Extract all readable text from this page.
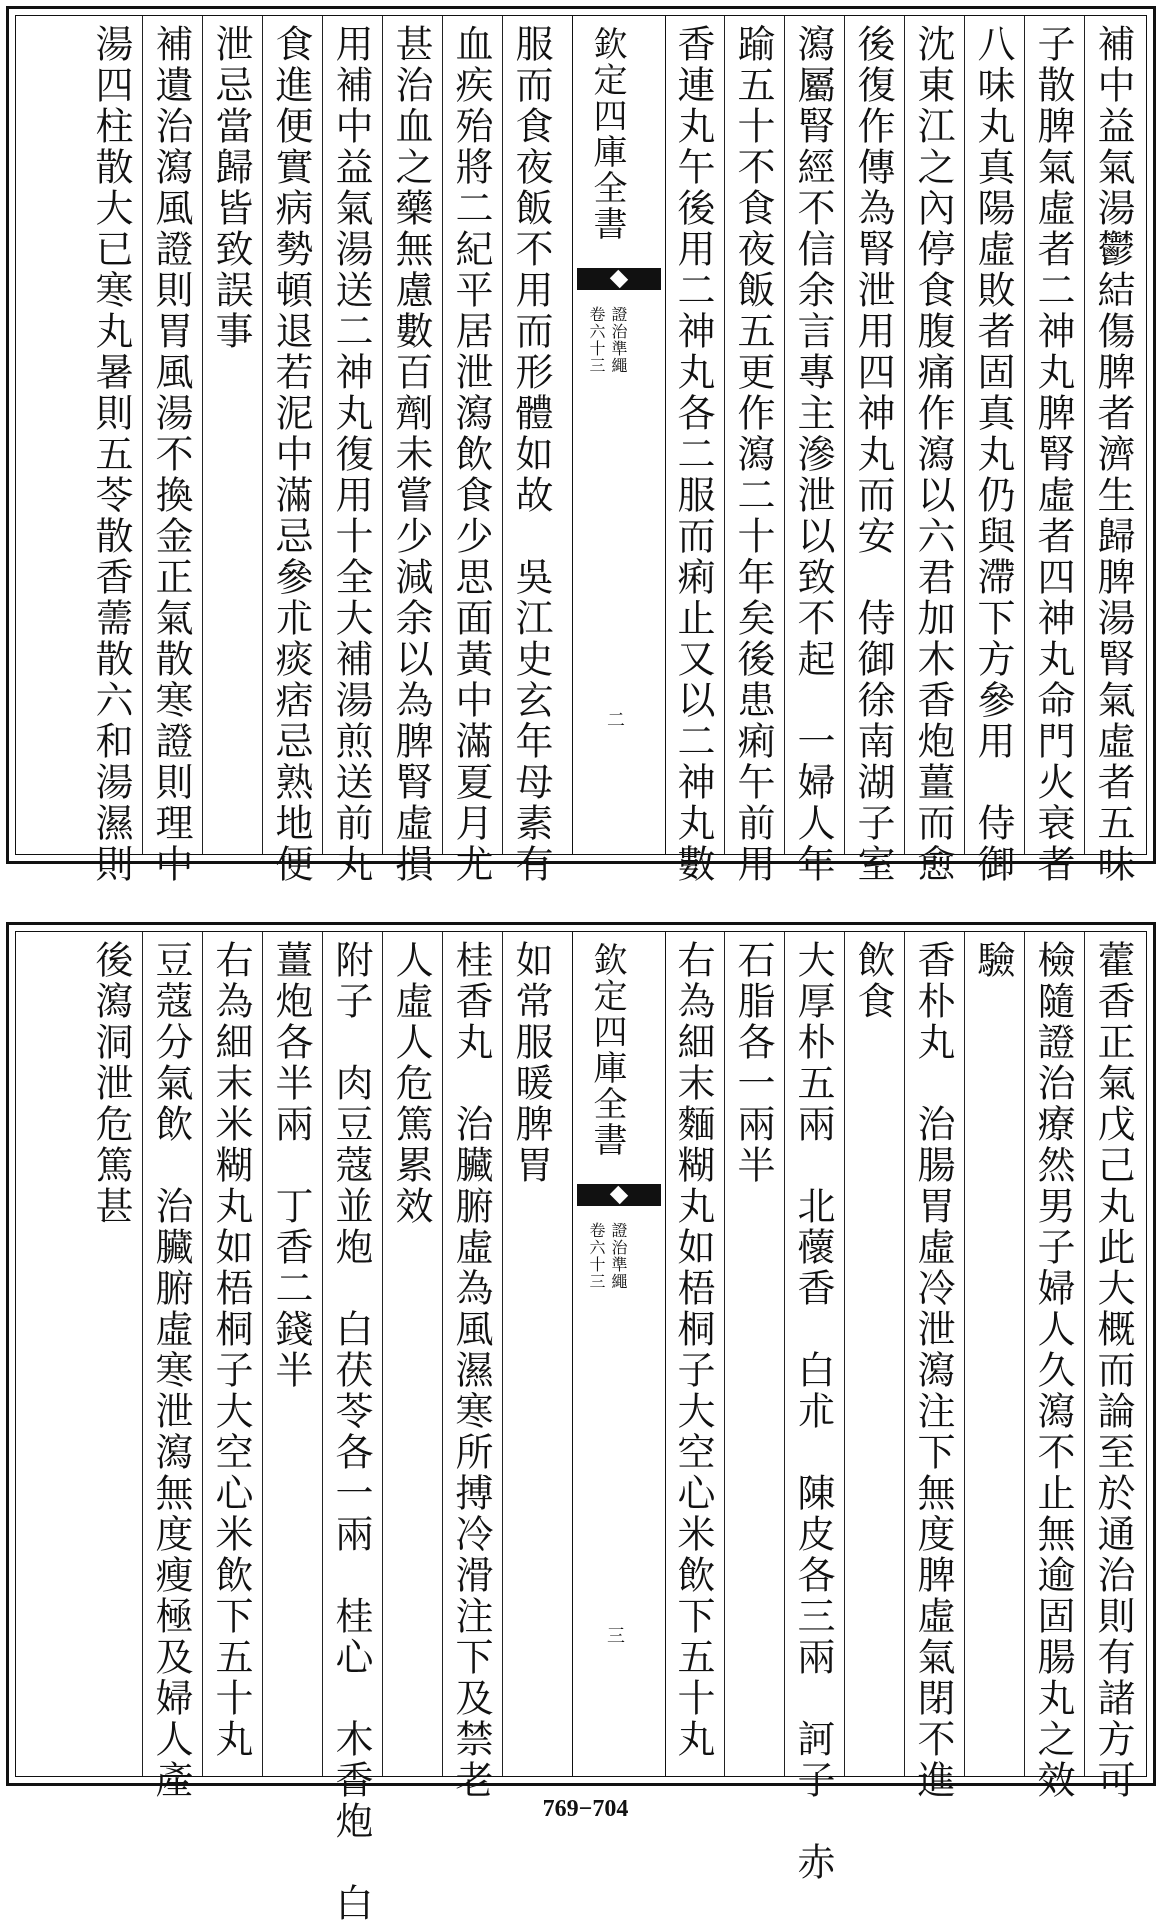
補中益氣湯鬱結傷脾者濟生歸脾湯腎氣虛者五味
子散脾氣虛者二神丸脾腎虛者四神丸命門火衰者
八味丸真陽虛敗者固真丸仍與滯下方參用　侍御
沈東江之內停食腹痛作瀉以六君加木香炮薑而愈
後復作傳為腎泄用四神丸而安　侍御徐南湖子室
瀉屬腎經不信余言專主滲泄以致不起　一婦人年
踰五十不食夜飯五更作瀉二十年矣後患痢午前用
香連丸午後用二神丸各二服而痢止又以二神丸數
欽定四庫全書
證治準繩
卷六十三
二
服而食夜飯不用而形體如故　吳江史玄年母素有
血疾殆將二紀平居泄瀉飲食少思面黃中滿夏月尤
甚治血之藥無慮數百劑未嘗少減余以為脾腎虛損
用補中益氣湯送二神丸復用十全大補湯煎送前丸
食進便實病勢頓退若泥中滿忌參朮痰痞忌熟地便
泄忌當歸皆致誤事
補遺治瀉風證則胃風湯不換金正氣散寒證則理中
湯四柱散大已寒丸暑則五苓散香薷散六和湯濕則
藿香正氣戊己丸此大概而論至於通治則有諸方可
檢隨證治療然男子婦人久瀉不止無逾固腸丸之效
驗
香朴丸　治腸胃虛冷泄瀉注下無度脾虛氣閉不進
飲食
大厚朴五兩　北蘹香　白朮　陳皮各三兩　訶子　赤
石脂各一兩半
右為細末麵糊丸如梧桐子大空心米飲下五十丸
欽定四庫全書
證治準繩
卷六十三
三
如常服暖脾胃
桂香丸　治臟腑虛為風濕寒所搏冷滑注下及禁老
人虛人危篤累效
附子　肉豆蔻並炮　白茯苓各一兩　桂心　木香炮　白
薑炮各半兩　丁香二錢半
右為細末米糊丸如梧桐子大空心米飲下五十丸
豆蔻分氣飲　治臟腑虛寒泄瀉無度瘦極及婦人產
後瀉洞泄危篤甚
769−704
